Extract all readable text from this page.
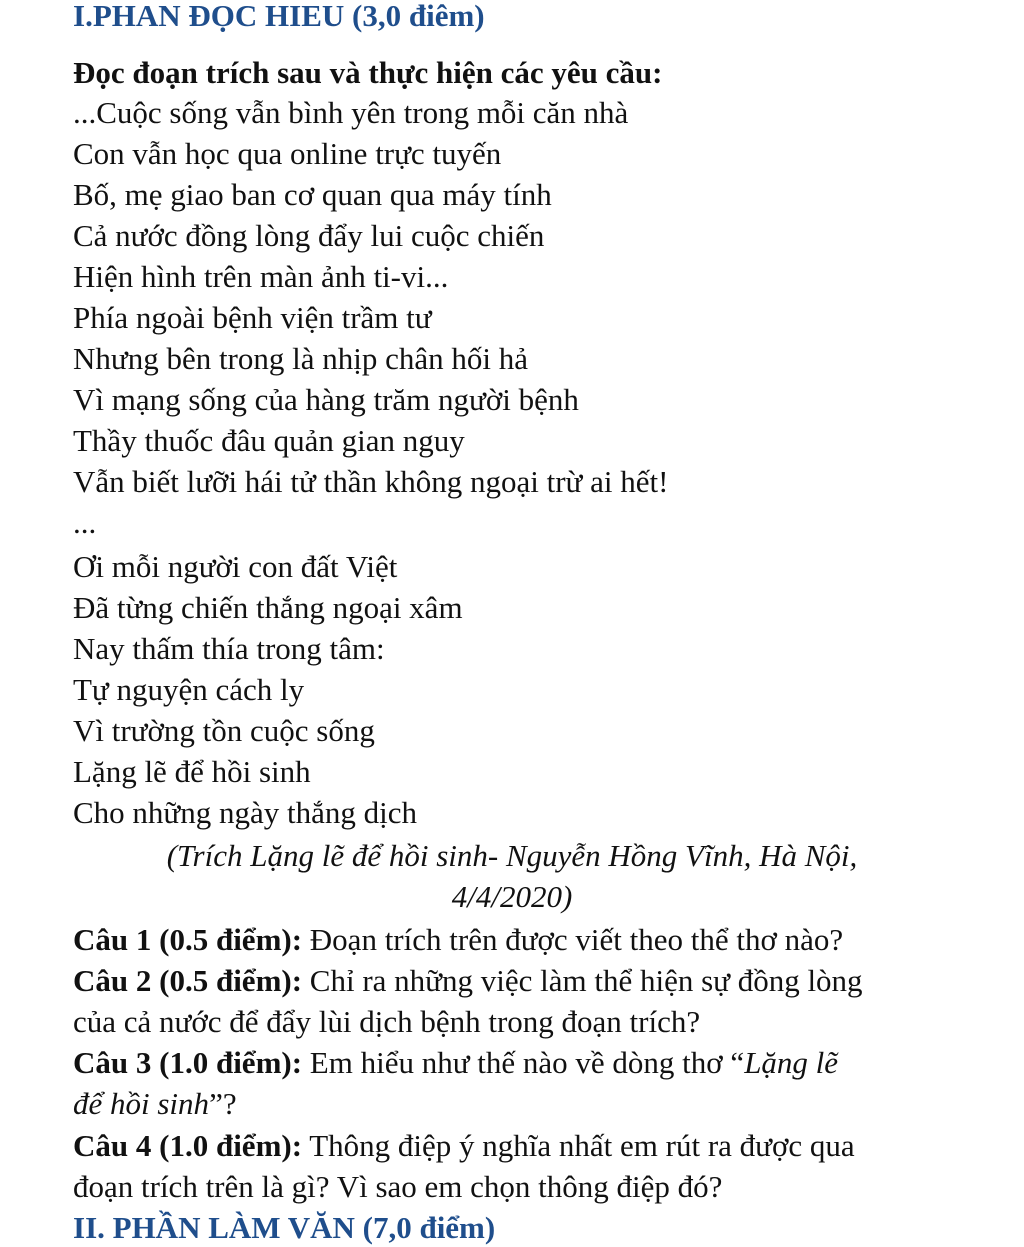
I.PHAN ĐỌC HIEU (3,0 điêm)
Đọc đoạn trích sau và thực hiện các yêu cầu:
...Cuộc sống vẫn bình yên trong mỗi căn nhà
Con vẫn học qua online trực tuyến
Bố, mẹ giao ban cơ quan qua máy tính
Cả nước đồng lòng đẩy lui cuộc chiến
Hiện hình trên màn ảnh ti-vi...
Phía ngoài bệnh viện trầm tư
Nhưng bên trong là nhịp chân hối hả
Vì mạng sống của hàng trăm người bệnh
Thầy thuốc đâu quản gian nguy
Vẫn biết lưỡi hái tử thần không ngoại trừ ai hết!
...
Ơi mỗi người con đất Việt
Đã từng chiến thắng ngoại xâm
Nay thấm thía trong tâm:
Tự nguyện cách ly
Vì trường tồn cuộc sống
Lặng lẽ để hồi sinh
Cho những ngày thắng dịch
(Trích Lặng lẽ để hồi sinh- Nguyễn Hồng Vĩnh, Hà Nội,
4/4/2020)
Câu 1 (0.5 điểm): Đoạn trích trên được viết theo thể thơ nào?
Câu 2 (0.5 điểm): Chỉ ra những việc làm thể hiện sự đồng lòng
của cả nước để đẩy lùi dịch bệnh trong đoạn trích?
Câu 3 (1.0 điểm): Em hiểu như thế nào về dòng thơ “Lặng lẽ
để hồi sinh”?
Câu 4 (1.0 điểm): Thông điệp ý nghĩa nhất em rút ra được qua
đoạn trích trên là gì? Vì sao em chọn thông điệp đó?
II. PHẦN LÀM VĂN (7,0 điểm)
